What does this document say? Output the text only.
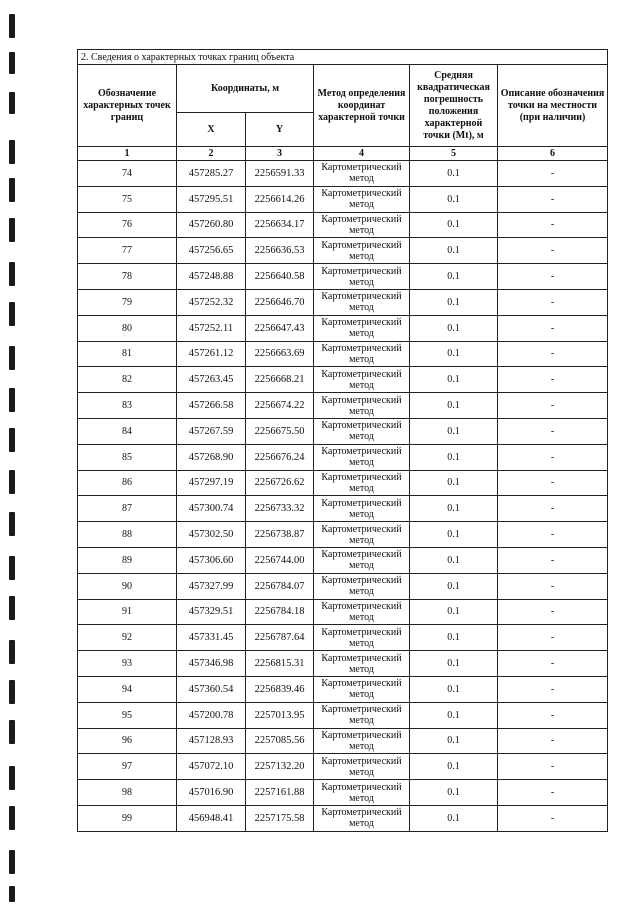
2. Сведения о характерных точках границ объекта					
Обозначение характерных точек границ	Координаты, м		Метод определения координат характерной точки	Средняя квадратическая погрешность положения характерной точки (Mt), м	Описание обозначения точки на местности (при наличии)
	X	Y			
1	2	3	4	5	6
74	457285.27	2256591.33	Картометрический метод	0.1	-
75	457295.51	2256614.26	Картометрический метод	0.1	-
76	457260.80	2256634.17	Картометрический метод	0.1	-
77	457256.65	2256636.53	Картометрический метод	0.1	-
78	457248.88	2256640.58	Картометрический метод	0.1	-
79	457252.32	2256646.70	Картометрический метод	0.1	-
80	457252.11	2256647.43	Картометрический метод	0.1	-
81	457261.12	2256663.69	Картометрический метод	0.1	-
82	457263.45	2256668.21	Картометрический метод	0.1	-
83	457266.58	2256674.22	Картометрический метод	0.1	-
84	457267.59	2256675.50	Картометрический метод	0.1	-
85	457268.90	2256676.24	Картометрический метод	0.1	-
86	457297.19	2256726.62	Картометрический метод	0.1	-
87	457300.74	2256733.32	Картометрический метод	0.1	-
88	457302.50	2256738.87	Картометрический метод	0.1	-
89	457306.60	2256744.00	Картометрический метод	0.1	-
90	457327.99	2256784.07	Картометрический метод	0.1	-
91	457329.51	2256784.18	Картометрический метод	0.1	-
92	457331.45	2256787.64	Картометрический метод	0.1	-
93	457346.98	2256815.31	Картометрический метод	0.1	-
94	457360.54	2256839.46	Картометрический метод	0.1	-
95	457200.78	2257013.95	Картометрический метод	0.1	-
96	457128.93	2257085.56	Картометрический метод	0.1	-
97	457072.10	2257132.20	Картометрический метод	0.1	-
98	457016.90	2257161.88	Картометрический метод	0.1	-
99	456948.41	2257175.58	Картометрический метод	0.1	-
